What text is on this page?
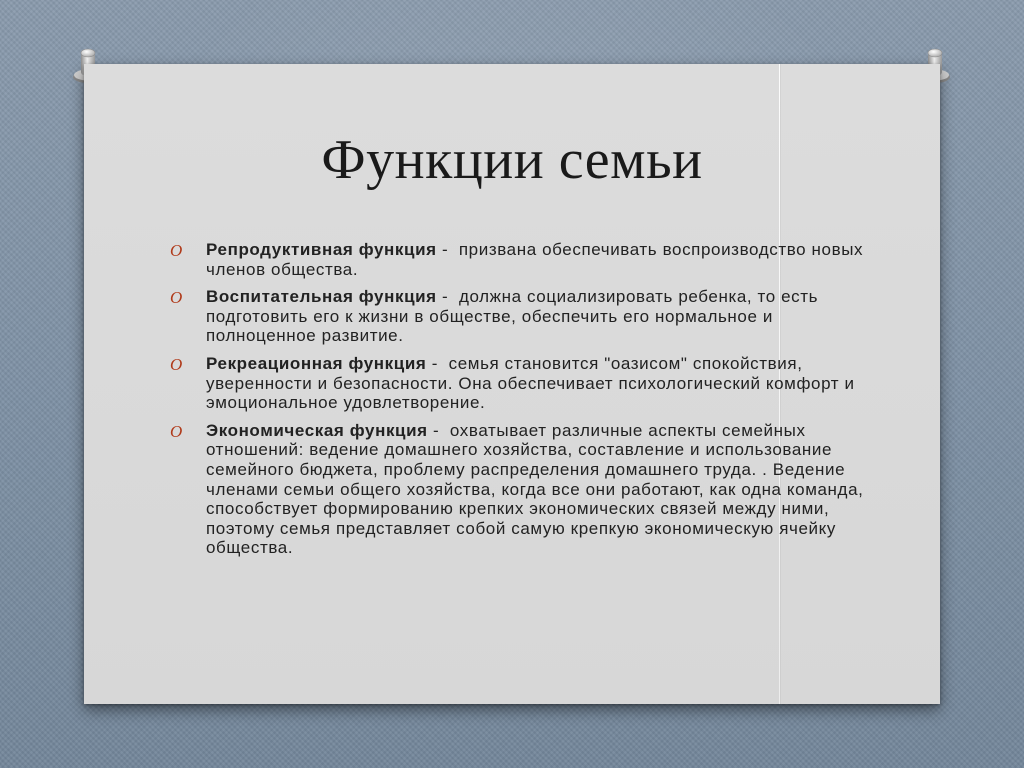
Функции семьи
O Репродуктивная функция -  призвана обеспечивать воспроизводство новых членов общества.
O Воспитательная функция -  должна социализировать ребенка, то есть подготовить его к жизни в обществе, обеспечить его нормальное и полноценное развитие.
O Рекреационная функция -  семья становится "оазисом" спокойствия, уверенности и безопасности. Она обеспечивает психологический комфорт и эмоциональное удовлетворение.
O Экономическая функция -  охватывает различные аспекты семейных отношений: ведение домашнего хозяйства, составление и использование семейного бюджета, проблему распределения домашнего труда. . Ведение членами семьи общего хозяйства, когда все они работают, как одна команда, способствует формированию крепких экономических связей между ними, поэтому семья представляет собой самую крепкую экономическую ячейку общества.
